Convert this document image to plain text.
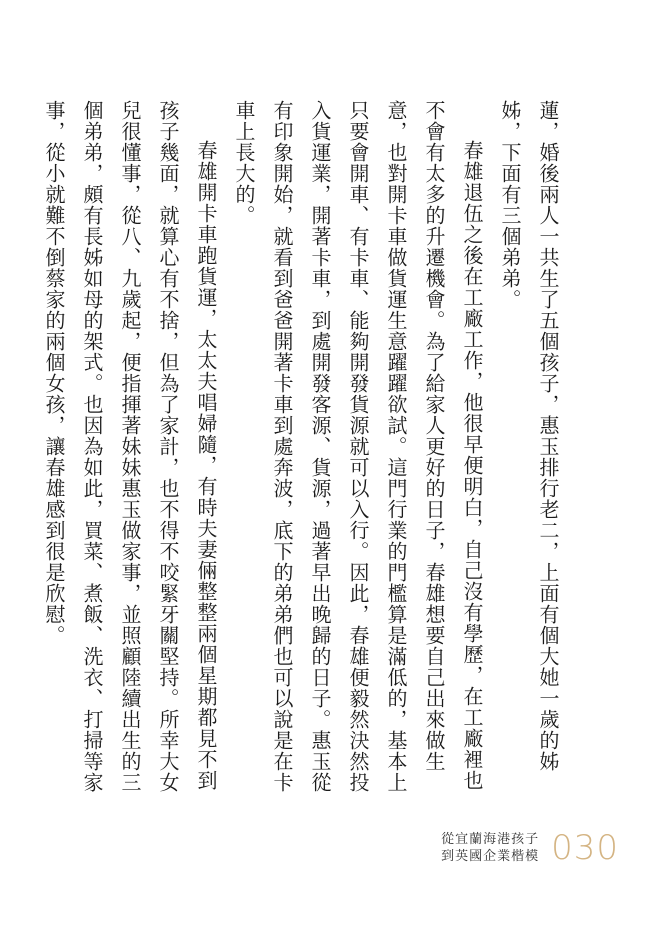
蓮，婚後兩人一共生了五個孩子，惠玉排行老二，上面有個大她一歲的姊姊，下面有三個弟弟。

春雄退伍之後在工廠工作，他很早便明白，自己沒有學歷，在工廠裡也不會有太多的升遷機會。為了給家人更好的日子，春雄想要自己出來做生意，也對開卡車做貨運生意躍躍欲試。這門行業的門檻算是滿低的，基本上只要會開車、有卡車、能夠開發貨源就可以入行。因此，春雄便毅然決然投入貨運業，開著卡車，到處開發客源、貨源，過著早出晚歸的日子。惠玉從有印象開始，就看到爸爸開著卡車到處奔波，底下的弟弟們也可以說是在卡車上長大的。

春雄開卡車跑貨運，太太夫唱婦隨，有時夫妻倆整整兩個星期都見不到孩子幾面，就算心有不捨，但為了家計，也不得不咬緊牙關堅持。所幸大女兒很懂事，從八、九歲起，便指揮著妹妹惠玉做家事，並照顧陸續出生的三個弟弟，頗有長姊如母的架式。也因為如此，買菜、煮飯、洗衣、打掃等家事，從小就難不倒蔡家的兩個女孩，讓春雄感到很是欣慰。

從宜蘭海港孩子
到英國企業楷模 030
